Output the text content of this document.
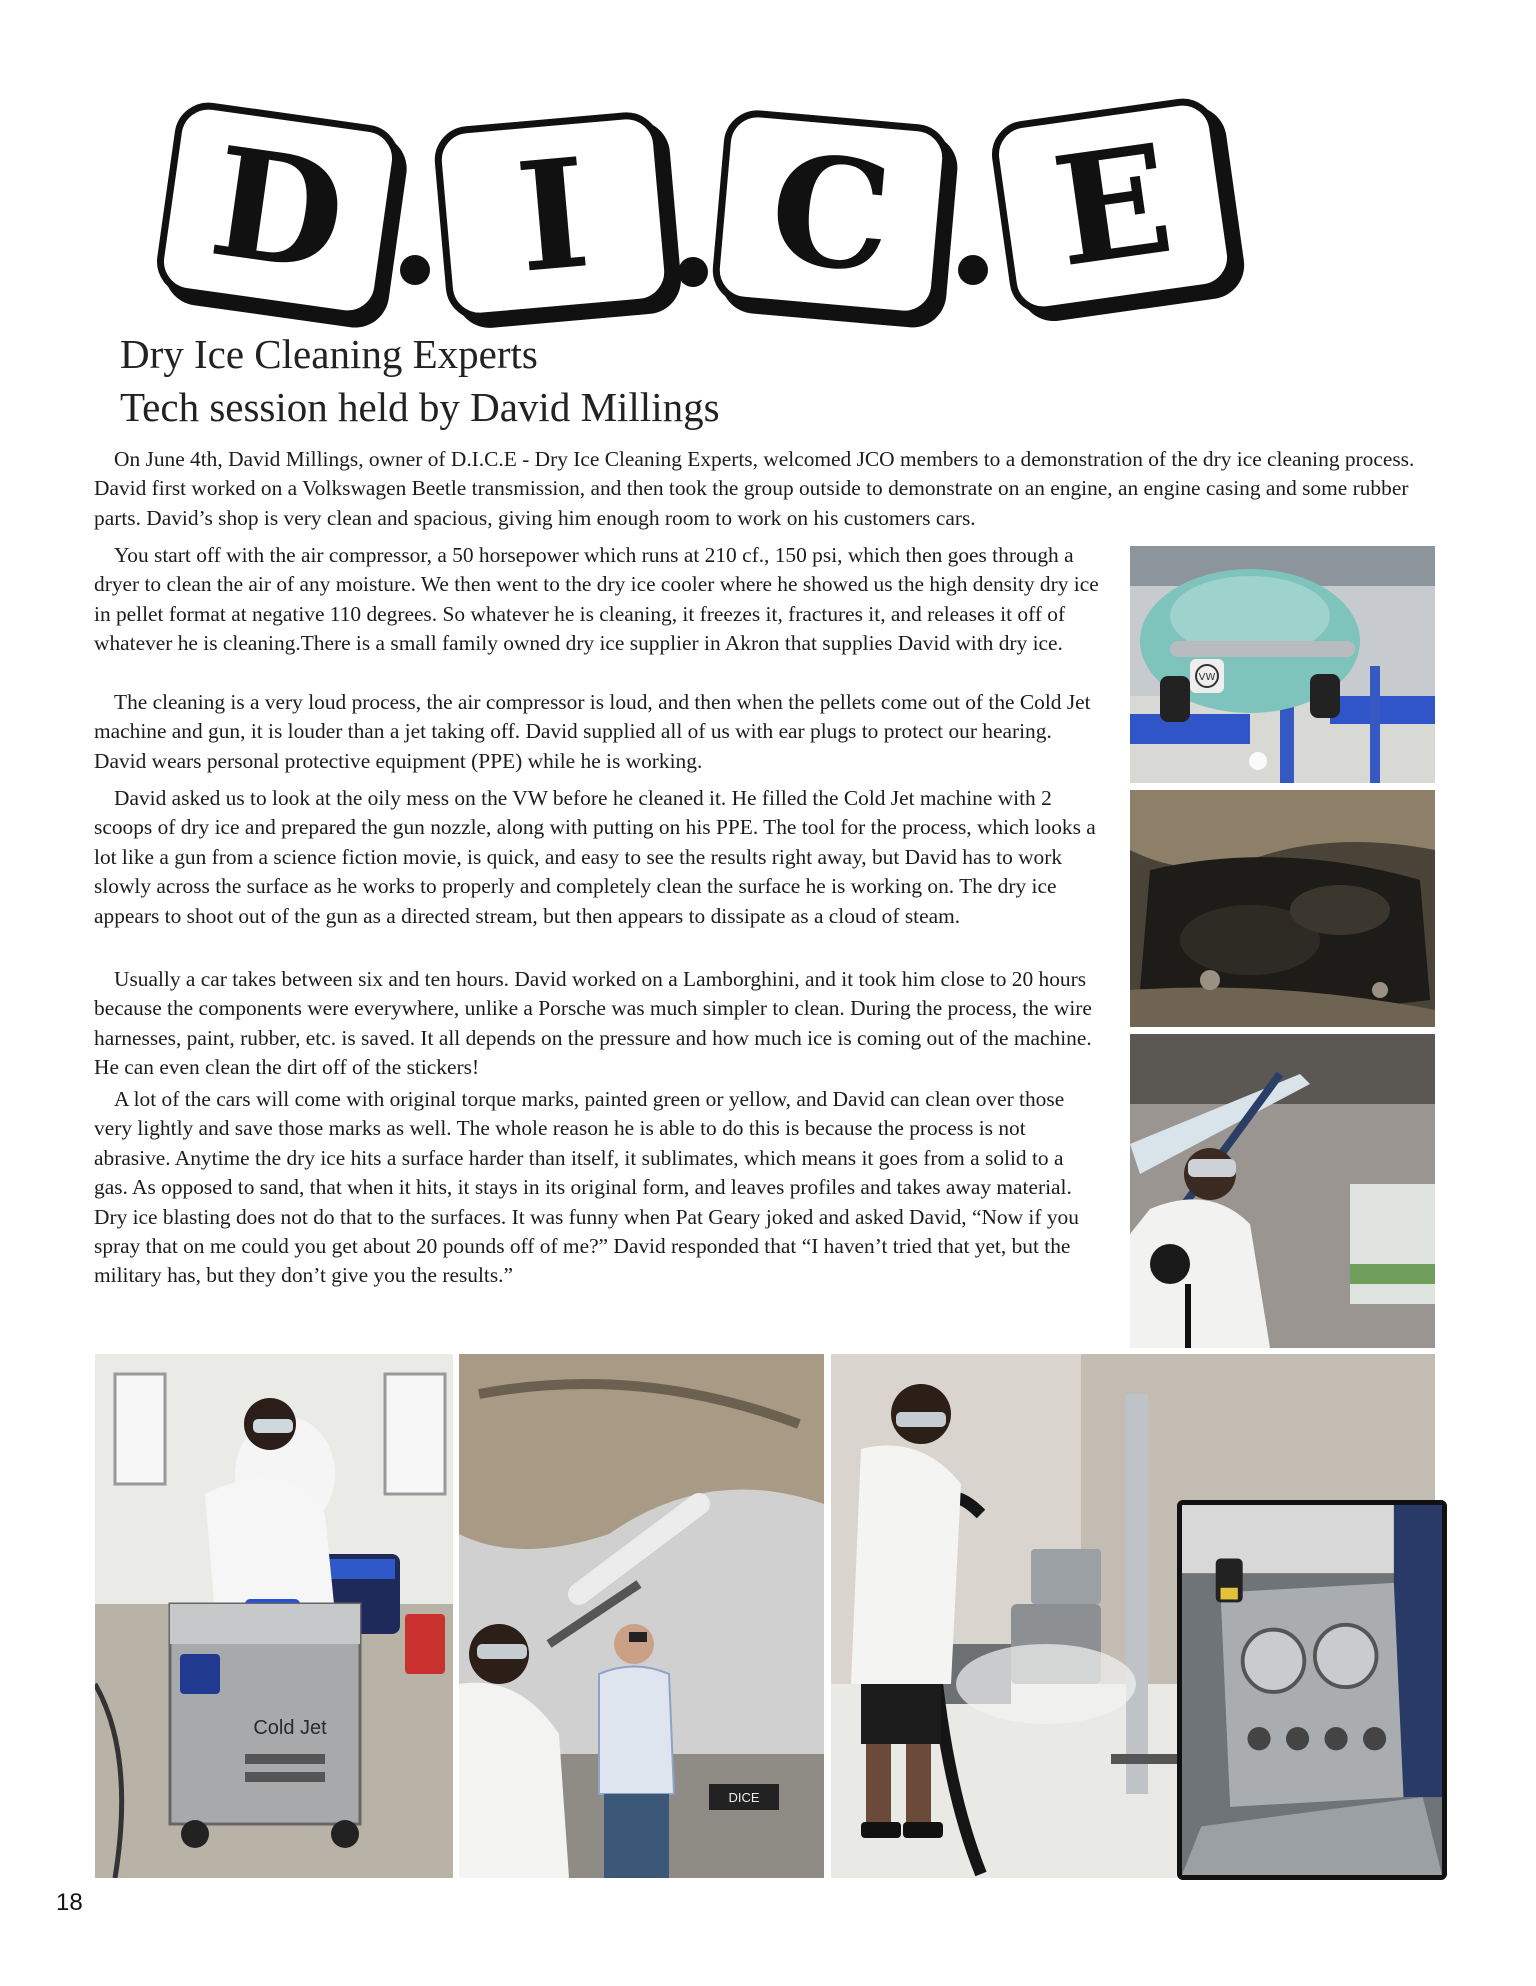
D I C E
Dry Ice Cleaning Experts
Tech session held by David Millings

On June 4th, David Millings, owner of D.I.C.E - Dry Ice Cleaning Experts, welcomed JCO members to a demonstration of the dry ice cleaning process. David first worked on a Volkswagen Beetle transmission, and then took the group outside to demonstrate on an engine, an engine casing and some rubber parts. David’s shop is very clean and spacious, giving him enough room to work on his customers cars.

You start off with the air compressor, a 50 horsepower which runs at 210 cf., 150 psi, which then goes through a dryer to clean the air of any moisture. We then went to the dry ice cooler where he showed us the high density dry ice in pellet format at negative 110 degrees. So whatever he is cleaning, it freezes it, fractures it, and releases it off of whatever he is cleaning.There is a small family owned dry ice supplier in Akron that supplies David with dry ice.

The cleaning is a very loud process, the air compressor is loud, and then when the pellets come out of the Cold Jet machine and gun, it is louder than a jet taking off. David supplied all of us with ear plugs to protect our hearing. David wears personal protective equipment (PPE) while he is working.

David asked us to look at the oily mess on the VW before he cleaned it. He filled the Cold Jet machine with 2 scoops of dry ice and prepared the gun nozzle, along with putting on his PPE. The tool for the process, which looks a lot like a gun from a science fiction movie, is quick, and easy to see the results right away, but David has to work slowly across the surface as he works to properly and completely clean the surface he is working on. The dry ice appears to shoot out of the gun as a directed stream, but then appears to dissipate as a cloud of steam.

Usually a car takes between six and ten hours. David worked on a Lamborghini, and it took him close to 20 hours because the components were everywhere, unlike a Porsche was much simpler to clean. During the process, the wire harnesses, paint, rubber, etc. is saved. It all depends on the pressure and how much ice is coming out of the machine. He can even clean the dirt off of the stickers!

A lot of the cars will come with original torque marks, painted green or yellow, and David can clean over those very lightly and save those marks as well. The whole reason he is able to do this is because the process is not abrasive. Anytime the dry ice hits a surface harder than itself, it sublimates, which means it goes from a solid to a gas. As opposed to sand, that when it hits, it stays in its original form, and leaves profiles and takes away material. Dry ice blasting does not do that to the surfaces. It was funny when Pat Geary joked and asked David, “Now if you spray that on me could you get about 20 pounds off of me?” David responded that “I haven’t tried that yet, but the military has, but they don’t give you the results.”

VW
Cold Jet
DICE
18
